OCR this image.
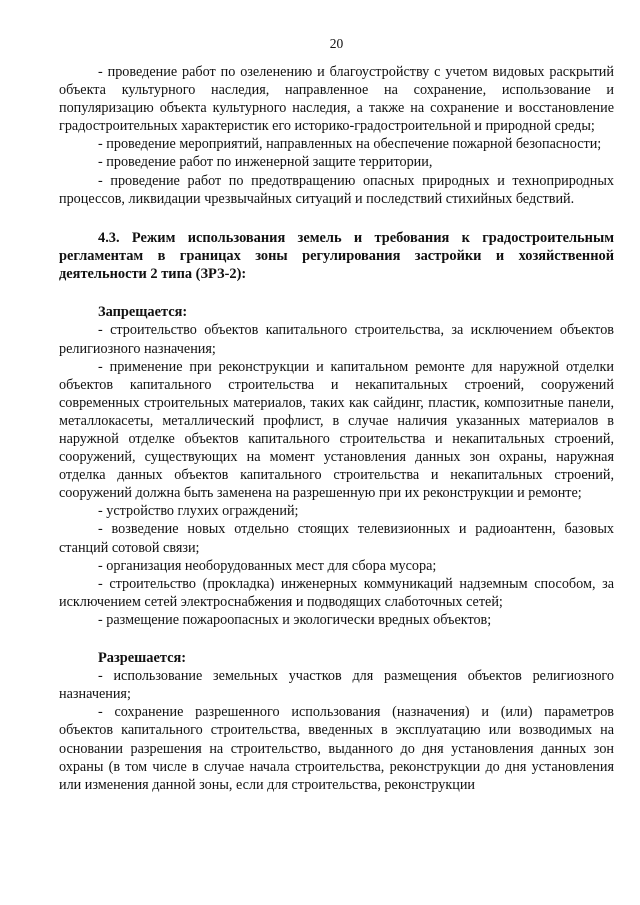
20

- проведение работ по озеленению и благоустройству с учетом видовых раскрытий объекта культурного наследия, направленное на сохранение, использование и популяризацию объекта культурного наследия, а также на сохранение и восстановление градостроительных характеристик его историко-градостроительной и природной среды;

- проведение мероприятий, направленных на обеспечение пожарной безопасности;

- проведение работ по инженерной защите территории,

- проведение работ по предотвращению опасных природных и технoприродных процессов, ликвидации чрезвычайных ситуаций и последствий стихийных бедствий.

4.3. Режим использования земель и требования к градостроительным регламентам в границах зоны регулирования застройки и хозяйственной деятельности 2 типа (ЗРЗ-2):

Запрещается:

- строительство объектов капитального строительства, за исключением объектов религиозного назначения;

- применение при реконструкции и капитальном ремонте для наружной отделки объектов капитального строительства и некапитальных строений, сооружений современных строительных материалов, таких как сайдинг, пластик, композитные панели, металлокасеты, металлический профлист, в случае наличия указанных материалов в наружной отделке объектов капитального строительства и некапитальных строений, сооружений, существующих на момент установления данных зон охраны, наружная отделка данных объектов капитального строительства и некапитальных строений, сооружений должна быть заменена на разрешенную при их реконструкции и ремонте;

- устройство глухих ограждений;

- возведение новых отдельно стоящих телевизионных и радиоантенн, базовых станций сотовой связи;

- организация необорудованных мест для сбора мусора;

- строительство (прокладка) инженерных коммуникаций надземным способом, за исключением сетей электроснабжения и подводящих слаботочных сетей;

- размещение пожароопасных и экологически вредных объектов;

Разрешается:

- использование земельных участков для размещения объектов религиозного назначения;

- сохранение разрешенного использования (назначения) и (или) параметров объектов капитального строительства, введенных в эксплуатацию или возводимых на основании разрешения на строительство, выданного до дня установления данных зон охраны (в том числе в случае начала строительства, реконструкции до дня установления или изменения данной зоны, если для строительства, реконструкции
